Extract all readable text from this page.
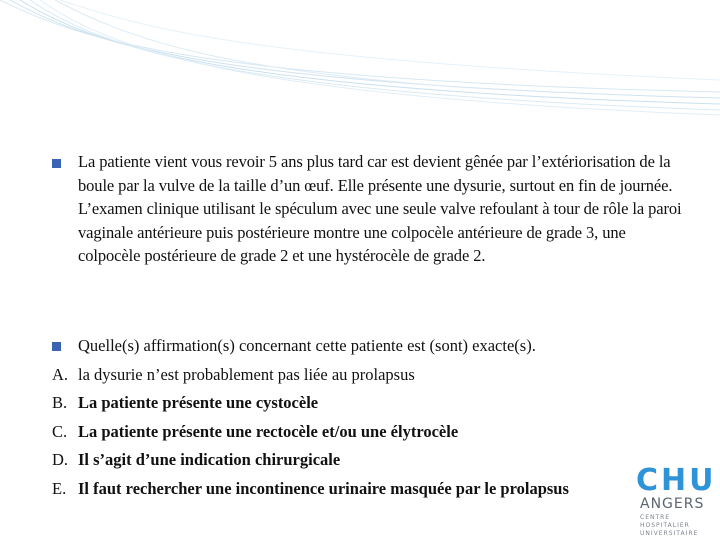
La patiente vient vous revoir 5 ans plus tard car est devient gênée par l’extériorisation de la boule par la vulve de la taille d’un œuf. Elle présente une dysurie, surtout en fin de journée. L’examen clinique utilisant le spéculum avec une seule valve refoulant à tour de rôle la paroi vaginale antérieure puis postérieure montre une colpocèle antérieure de grade 3, une colpocèle postérieure de grade 2 et une hystérocèle de grade 2.
Quelle(s) affirmation(s) concernant cette patiente est (sont) exacte(s).
A. la dysurie n’est probablement pas liée au prolapsus
B. La patiente présente une cystocèle
C. La patiente présente une rectocèle et/ou une élytrocèle
D. Il s’agit d’une indication chirurgicale
E. Il faut rechercher une incontinence urinaire masquée par le prolapsus CHU
ANGERS
CENTRE HOSPITALIER UNIVERSITAIRE
